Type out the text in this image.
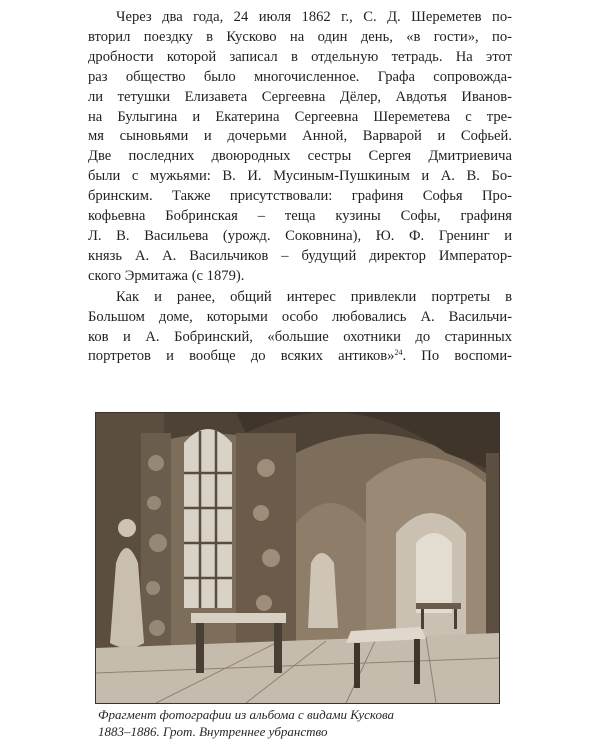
Через два года, 24 июля 1862 г., С. Д. Шереметев по-
вторил поездку в Кусково на один день, «в гости», по-
дробности которой записал в отдельную тетрадь. На этот
раз общество было многочисленное. Графа сопровожда-
ли тетушки Елизавета Сергеевна Дёлер, Авдотья Иванов-
на Булыгина и Екатерина Сергеевна Шереметева с тре-
мя сыновьями и дочерьми Анной, Варварой и Софьей.
Две последних двоюродных сестры Сергея Дмитриевича
были с мужьями: В. И. Мусиным-Пушкиным и А. В. Бо-
бринским. Также присутствовали: графиня Софья Про-
кофьевна Бобринская – теща кузины Софы, графиня
Л. В. Васильева (урожд. Соковнина), Ю. Ф. Гренинг и
князь А. А. Васильчиков – будущий директор Император-
ского Эрмитажа (с 1879).

Как и ранее, общий интерес привлекли портреты в
Большом доме, которыми особо любовались А. Васильчи-
ков и А. Бобринский, «большие охотники до старинных
портретов и вообще до всяких антиков»$^{24}$. По воспоми-

Фрагмент фотографии из альбома с видами Кускова
1883–1886. Грот. Внутреннее убранство
